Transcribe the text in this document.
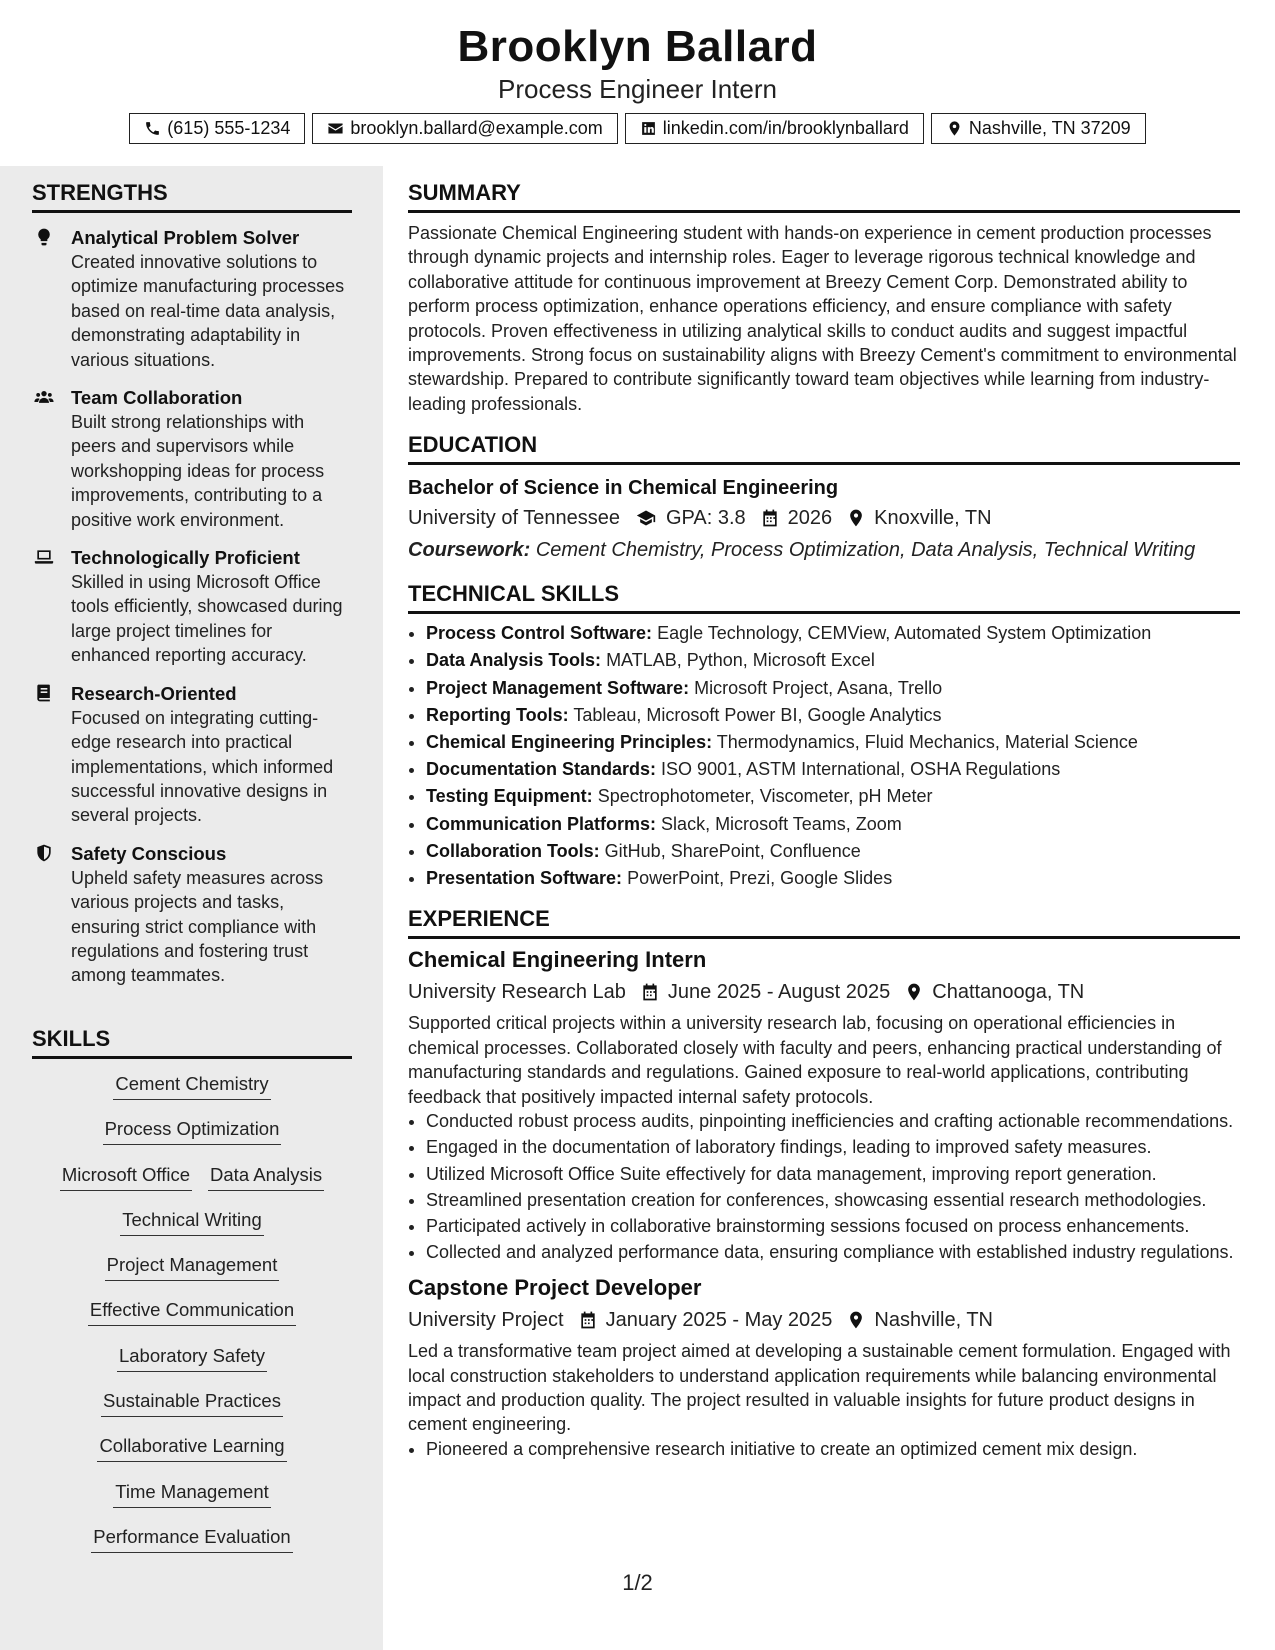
Brooklyn Ballard
Process Engineer Intern
(615) 555-1234	brooklyn.ballard@example.com	linkedin.com/in/brooklynballard	Nashville, TN 37209
STRENGTHS
Analytical Problem Solver
Created innovative solutions to optimize manufacturing processes based on real-time data analysis, demonstrating adaptability in various situations.
Team Collaboration
Built strong relationships with peers and supervisors while workshopping ideas for process improvements, contributing to a positive work environment.
Technologically Proficient
Skilled in using Microsoft Office tools efficiently, showcased during large project timelines for enhanced reporting accuracy.
Research-Oriented
Focused on integrating cutting-edge research into practical implementations, which informed successful innovative designs in several projects.
Safety Conscious
Upheld safety measures across various projects and tasks, ensuring strict compliance with regulations and fostering trust among teammates.
SKILLS
Cement Chemistry
Process Optimization
Microsoft Office Data Analysis
Technical Writing
Project Management
Effective Communication
Laboratory Safety
Sustainable Practices
Collaborative Learning
Time Management
Performance Evaluation
SUMMARY
Passionate Chemical Engineering student with hands-on experience in cement production processes through dynamic projects and internship roles. Eager to leverage rigorous technical knowledge and collaborative attitude for continuous improvement at Breezy Cement Corp. Demonstrated ability to perform process optimization, enhance operations efficiency, and ensure compliance with safety protocols. Proven effectiveness in utilizing analytical skills to conduct audits and suggest impactful improvements. Strong focus on sustainability aligns with Breezy Cement's commitment to environmental stewardship. Prepared to contribute significantly toward team objectives while learning from industry-leading professionals.
EDUCATION
Bachelor of Science in Chemical Engineering
University of Tennessee GPA: 3.8 2026 Knoxville, TN
Coursework: Cement Chemistry, Process Optimization, Data Analysis, Technical Writing
TECHNICAL SKILLS
• Process Control Software: Eagle Technology, CEMView, Automated System Optimization
• Data Analysis Tools: MATLAB, Python, Microsoft Excel
• Project Management Software: Microsoft Project, Asana, Trello
• Reporting Tools: Tableau, Microsoft Power BI, Google Analytics
• Chemical Engineering Principles: Thermodynamics, Fluid Mechanics, Material Science
• Documentation Standards: ISO 9001, ASTM International, OSHA Regulations
• Testing Equipment: Spectrophotometer, Viscometer, pH Meter
• Communication Platforms: Slack, Microsoft Teams, Zoom
• Collaboration Tools: GitHub, SharePoint, Confluence
• Presentation Software: PowerPoint, Prezi, Google Slides
EXPERIENCE
Chemical Engineering Intern
University Research Lab June 2025 - August 2025 Chattanooga, TN
Supported critical projects within a university research lab, focusing on operational efficiencies in chemical processes. Collaborated closely with faculty and peers, enhancing practical understanding of manufacturing standards and regulations. Gained exposure to real-world applications, contributing feedback that positively impacted internal safety protocols.
• Conducted robust process audits, pinpointing inefficiencies and crafting actionable recommendations.
• Engaged in the documentation of laboratory findings, leading to improved safety measures.
• Utilized Microsoft Office Suite effectively for data management, improving report generation.
• Streamlined presentation creation for conferences, showcasing essential research methodologies.
• Participated actively in collaborative brainstorming sessions focused on process enhancements.
• Collected and analyzed performance data, ensuring compliance with established industry regulations.
Capstone Project Developer
University Project January 2025 - May 2025 Nashville, TN
Led a transformative team project aimed at developing a sustainable cement formulation. Engaged with local construction stakeholders to understand application requirements while balancing environmental impact and production quality. The project resulted in valuable insights for future product designs in cement engineering.
• Pioneered a comprehensive research initiative to create an optimized cement mix design.
1/2
